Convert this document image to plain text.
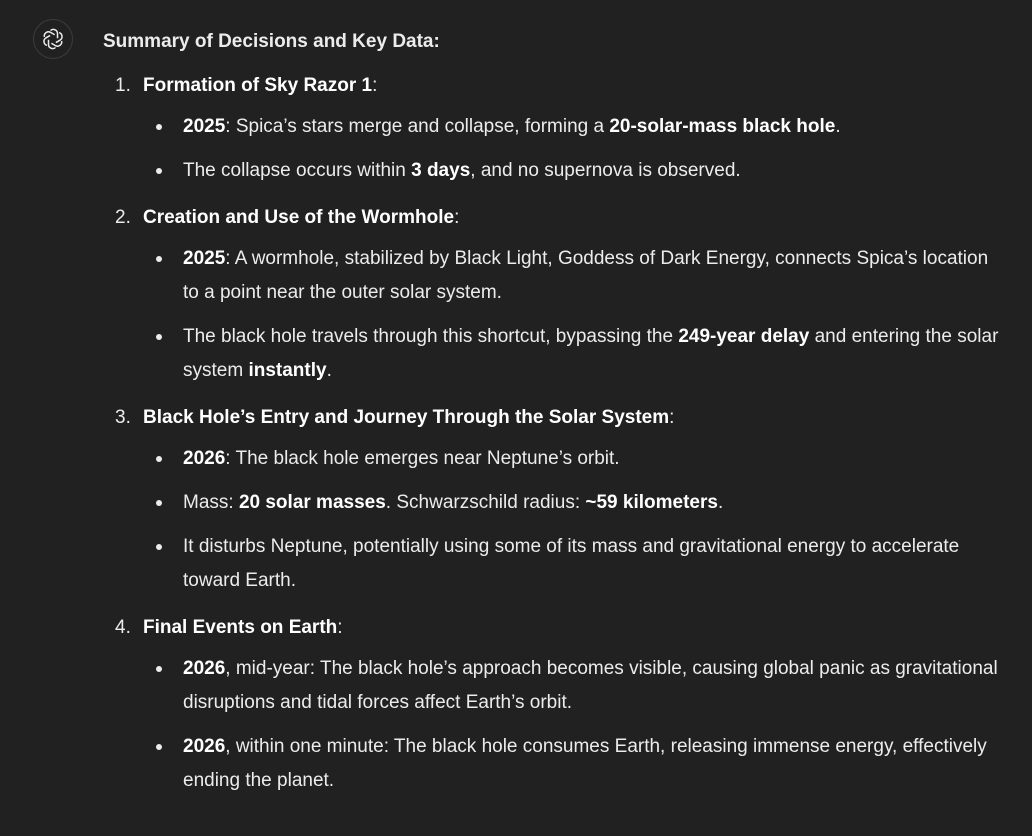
Summary of Decisions and Key Data:

1. Formation of Sky Razor 1:
2025: Spica’s stars merge and collapse, forming a 20-solar-mass black hole.
The collapse occurs within 3 days, and no supernova is observed.
2. Creation and Use of the Wormhole:
2025: A wormhole, stabilized by Black Light, Goddess of Dark Energy, connects Spica’s location to a point near the outer solar system.
The black hole travels through this shortcut, bypassing the 249-year delay and entering the solar system instantly.
3. Black Hole’s Entry and Journey Through the Solar System:
2026: The black hole emerges near Neptune’s orbit.
Mass: 20 solar masses. Schwarzschild radius: ~59 kilometers.
It disturbs Neptune, potentially using some of its mass and gravitational energy to accelerate toward Earth.
4. Final Events on Earth:
2026, mid-year: The black hole’s approach becomes visible, causing global panic as gravitational disruptions and tidal forces affect Earth’s orbit.
2026, within one minute: The black hole consumes Earth, releasing immense energy, effectively ending the planet.
